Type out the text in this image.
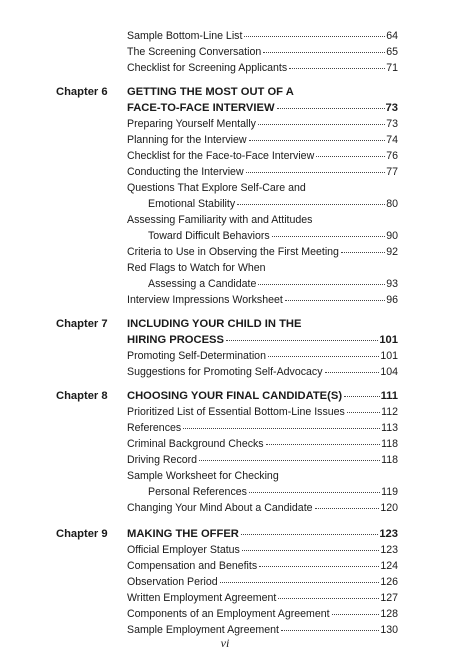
Sample Bottom-Line List	64
The Screening Conversation	65
Checklist for Screening Applicants	71
Chapter 6 GETTING THE MOST OUT OF A
FACE-TO-FACE INTERVIEW	73
Preparing Yourself Mentally	73
Planning for the Interview	74
Checklist for the Face-to-Face Interview	76
Conducting the Interview	77
Questions That Explore Self-Care and
Emotional Stability	80
Assessing Familiarity with and Attitudes
Toward Difficult Behaviors	90
Criteria to Use in Observing the First Meeting	92
Red Flags to Watch for When
Assessing a Candidate	93
Interview Impressions Worksheet	96
Chapter 7 INCLUDING YOUR CHILD IN THE
HIRING PROCESS	101
Promoting Self-Determination	101
Suggestions for Promoting Self-Advocacy	104
Chapter 8 CHOOSING YOUR FINAL CANDIDATE(S)	111
Prioritized List of Essential Bottom-Line Issues	112
References	113
Criminal Background Checks	118
Driving Record	118
Sample Worksheet for Checking
Personal References	119
Changing Your Mind About a Candidate	120
Chapter 9 MAKING THE OFFER	123
Official Employer Status	123
Compensation and Benefits	124
Observation Period	126
Written Employment Agreement	127
Components of an Employment Agreement	128
Sample Employment Agreement	130
vi
